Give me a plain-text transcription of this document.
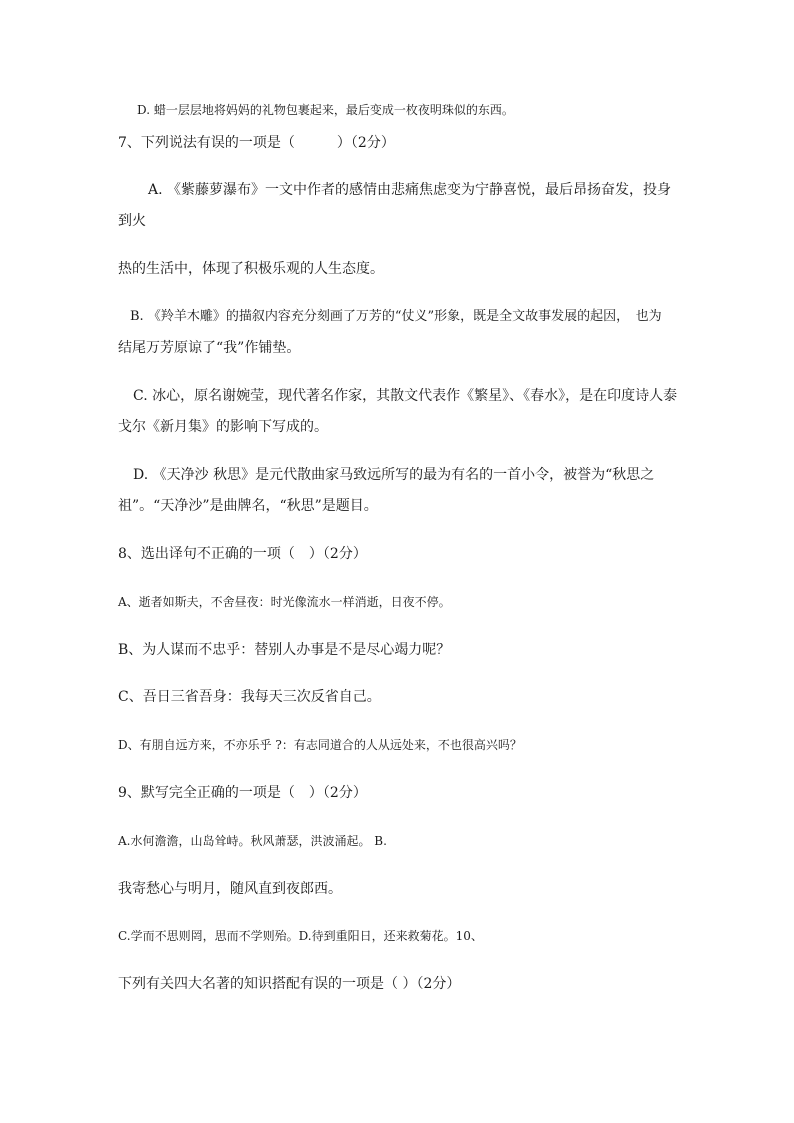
D. 蜡一层层地将妈妈的礼物包裹起来，最后变成一枚夜明珠似的东西。
7、下列说法有误的一项是（　　　）（2分）
A. 《紫藤萝瀑布》一文中作者的感情由悲痛焦虑变为宁静喜悦，最后昂扬奋发，投身
到火
热的生活中，体现了积极乐观的人生态度。
B. 《羚羊木雕》的描叙内容充分刻画了万芳的“仗义”形象，既是全文故事发展的起因，　也为
结尾万芳原谅了“我”作铺垫。
C. 冰心，原名谢婉莹，现代著名作家，其散文代表作《繁星》、《春水》，是在印度诗人泰
戈尔《新月集》的影响下写成的。
D. 《天净沙 秋思》是元代散曲家马致远所写的最为有名的一首小令，被誉为“秋思之
祖”。“天净沙”是曲牌名，“秋思”是题目。
8、选出译句不正确的一项（　）（2分）
A、逝者如斯夫，不舍昼夜：时光像流水一样消逝，日夜不停。
B、为人谋而不忠乎：替别人办事是不是尽心竭力呢？
C、吾日三省吾身：我每天三次反省自己。
D、有朋自远方来，不亦乐乎 ?：有志同道合的人从远处来，不也很高兴吗？
9、默写完全正确的一项是（　）（2分）
A.水何澹澹，山岛耸峙。秋风萧瑟，洪波涌起。 B.
我寄愁心与明月，随风直到夜郎西。
C.学而不思则罔，思而不学则殆。D.待到重阳日，还来救菊花。10、
下列有关四大名著的知识搭配有误的一项是（ ）（2分）
